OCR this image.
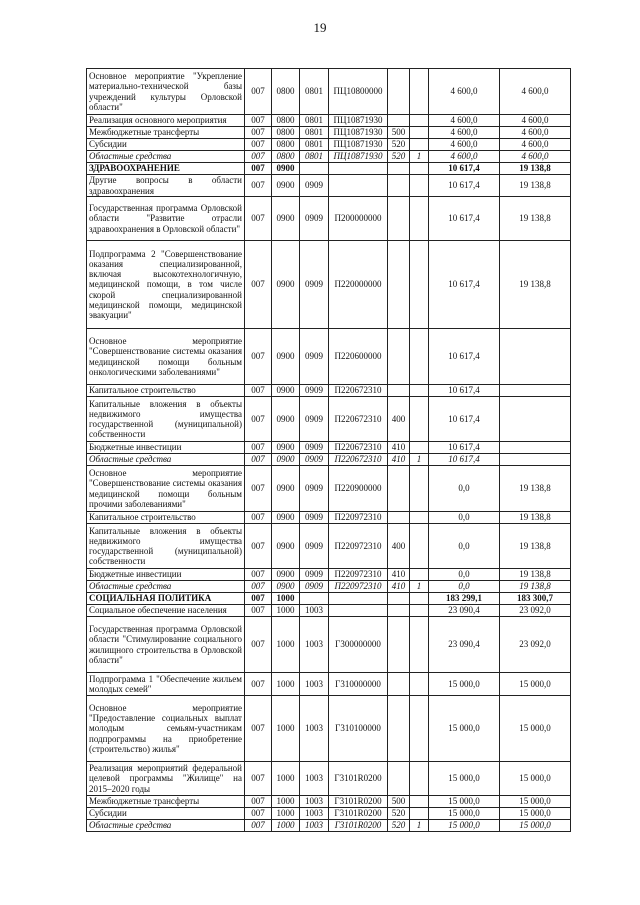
19
Основное мероприятие "Укрепление материально-технической базы учреждений культуры Орловской области"	007	0800	0801	ПЦ10800000			4 600,0	4 600,0
Реализация основного мероприятия	007	0800	0801	ПЦ10871930			4 600,0	4 600,0
Межбюджетные трансферты	007	0800	0801	ПЦ10871930	500		4 600,0	4 600,0
Субсидии	007	0800	0801	ПЦ10871930	520		4 600,0	4 600,0
Областные средства	007	0800	0801	ПЦ10871930	520	1	4 600,0	4 600,0
ЗДРАВООХРАНЕНИЕ	007	0900					10 617,4	19 138,8
Другие вопросы в области здравоохранения	007	0900	0909				10 617,4	19 138,8
Государственная программа Орловской области "Развитие отрасли здравоохранения в Орловской области"	007	0900	0909	П200000000			10 617,4	19 138,8
Подпрограмма 2 "Совершенствование оказания специализированной, включая высокотехнологичную, медицинской помощи, в том числе скорой специализированной медицинской помощи, медицинской эвакуации"	007	0900	0909	П220000000			10 617,4	19 138,8
Основное мероприятие "Совершенствование системы оказания медицинской помощи больным онкологическими заболеваниями"	007	0900	0909	П220600000			10 617,4	
Капитальное строительство	007	0900	0909	П220672310			10 617,4	
Капитальные вложения в объекты недвижимого имущества государственной (муниципальной) собственности	007	0900	0909	П220672310	400		10 617,4	
Бюджетные инвестиции	007	0900	0909	П220672310	410		10 617,4	
Областные средства	007	0900	0909	П220672310	410	1	10 617,4	
Основное мероприятие "Совершенствование системы оказания медицинской помощи больным прочими заболеваниями"	007	0900	0909	П220900000			0,0	19 138,8
Капитальное строительство	007	0900	0909	П220972310			0,0	19 138,8
Капитальные вложения в объекты недвижимого имущества государственной (муниципальной) собственности	007	0900	0909	П220972310	400		0,0	19 138,8
Бюджетные инвестиции	007	0900	0909	П220972310	410		0,0	19 138,8
Областные средства	007	0900	0909	П220972310	410	1	0,0	19 138,8
СОЦИАЛЬНАЯ ПОЛИТИКА	007	1000					183 299,1	183 300,7
Социальное обеспечение населения	007	1000	1003				23 090,4	23 092,0
Государственная программа Орловской области "Стимулирование социального жилищного строительства в Орловской области"	007	1000	1003	Г300000000			23 090,4	23 092,0
Подпрограмма 1 "Обеспечение жильем молодых семей"	007	1000	1003	Г310000000			15 000,0	15 000,0
Основное мероприятие "Предоставление социальных выплат молодым семьям-участникам подпрограммы на приобретение (строительство) жилья"	007	1000	1003	Г310100000			15 000,0	15 000,0
Реализация мероприятий федеральной целевой программы "Жилище" на 2015–2020 годы	007	1000	1003	Г3101R0200			15 000,0	15 000,0
Межбюджетные трансферты	007	1000	1003	Г3101R0200	500		15 000,0	15 000,0
Субсидии	007	1000	1003	Г3101R0200	520		15 000,0	15 000,0
Областные средства	007	1000	1003	Г3101R0200	520	1	15 000,0	15 000,0
